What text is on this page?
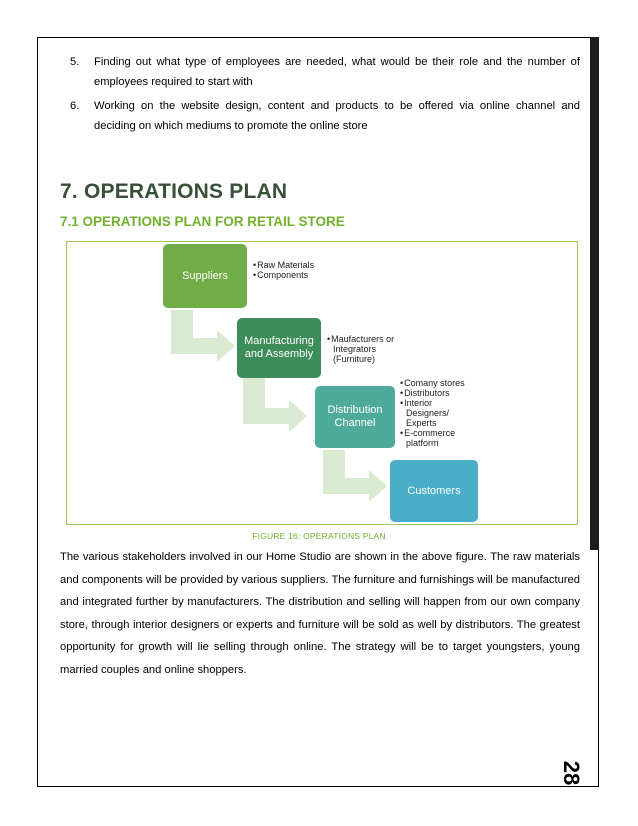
28
5. Finding out what type of employees are needed, what would be their role and the number of employees required to start with
6. Working on the website design, content and products to be offered via online channel and deciding on which mediums to promote the online store
7. OPERATIONS PLAN
7.1 OPERATIONS PLAN FOR RETAIL STORE
Suppliers
• Raw Materials
• Components
Manufacturing and Assembly
• Maufacturers or Integrators (Furniture)
Distribution Channel
• Comany stores
• Distributors
• Interior Designers/ Experts
• E-commerce platform
Customers
FIGURE 16: OPERATIONS PLAN

The various stakeholders involved in our Home Studio are shown in the above figure. The raw materials and components will be provided by various suppliers. The furniture and furnishings will be manufactured and integrated further by manufacturers. The distribution and selling will happen from our own company store, through interior designers or experts and furniture will be sold as well by distributors. The greatest opportunity for growth will lie selling through online. The strategy will be to target youngsters, young married couples and online shoppers.
